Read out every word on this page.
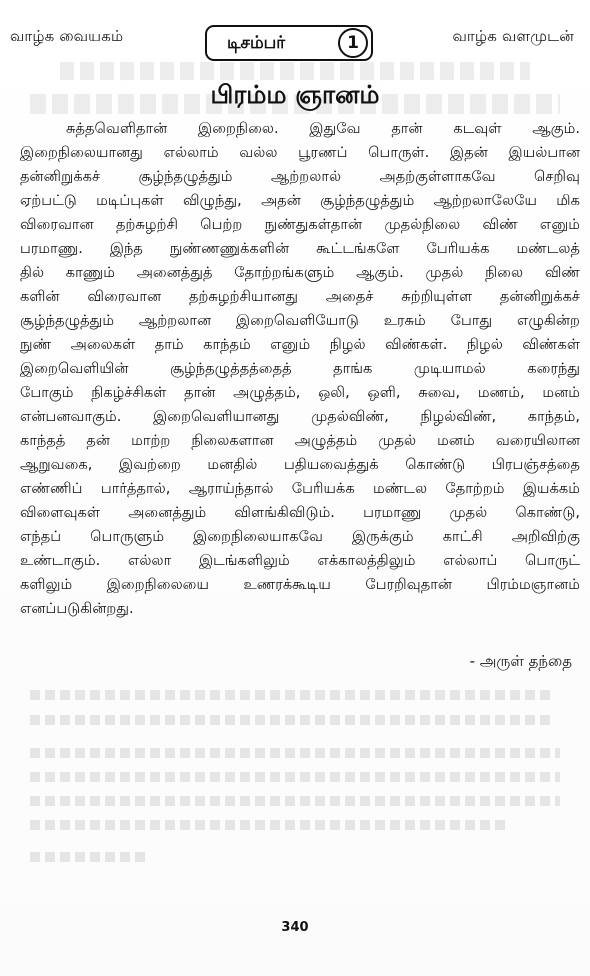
வாழ்க வையகம்	டிசம்பர்	1	வாழ்க வளமுடன்
பிரம்ம ஞானம்
சுத்தவெளிதான் இறைநிலை. இதுவே தான் கடவுள் ஆகும்.
இறைநிலையானது எல்லாம் வல்ல பூரணப் பொருள். இதன் இயல்பான
தன்னிறுக்கச் சூழ்ந்தழுத்தும் ஆற்றலால் அதற்குள்ளாகவே செறிவு
ஏற்பட்டு மடிப்புகள் விழுந்து, அதன் சூழ்ந்தழுத்தும் ஆற்றலாலேயே மிக
விரைவான தற்சுழற்சி பெற்ற நுண்துகள்தான் முதல்நிலை விண் எனும்
பரமாணு. இந்த நுண்ணணுக்களின் கூட்டங்களே பேரியக்க மண்டலத்
தில் காணும் அனைத்துத் தோற்றங்களும் ஆகும். முதல் நிலை விண்
களின் விரைவான தற்சுழற்சியானது அதைச் சுற்றியுள்ள தன்னிறுக்கச்
சூழ்ந்தழுத்தும் ஆற்றலான இறைவெளியோடு உரசும் போது எழுகின்ற
நுண் அலைகள் தாம் காந்தம் எனும் நிழல் விண்கள். நிழல் விண்கள்
இறைவெளியின் சூழ்ந்தழுத்தத்தைத் தாங்க முடியாமல் கரைந்து
போகும் நிகழ்ச்சிகள் தான் அழுத்தம், ஒலி, ஒளி, சுவை, மணம், மனம்
என்பனவாகும். இறைவெளியானது முதல்விண், நிழல்விண், காந்தம்,
காந்தத் தன் மாற்ற நிலைகளான அழுத்தம் முதல் மனம் வரையிலான
ஆறுவகை, இவற்றை மனதில் பதியவைத்துக் கொண்டு பிரபஞ்சத்தை
எண்ணிப் பார்த்தால், ஆராய்ந்தால் பேரியக்க மண்டல தோற்றம் இயக்கம்
விளைவுகள் அனைத்தும் விளங்கிவிடும். பரமாணு முதல் கொண்டு,
எந்தப் பொருளும் இறைநிலையாகவே இருக்கும் காட்சி அறிவிற்கு
உண்டாகும். எல்லா இடங்களிலும் எக்காலத்திலும் எல்லாப் பொருட்
களிலும் இறைநிலையை உணரக்கூடிய பேரறிவுதான் பிரம்மஞானம்
எனப்படுகின்றது.
- அருள் தந்தை
340
